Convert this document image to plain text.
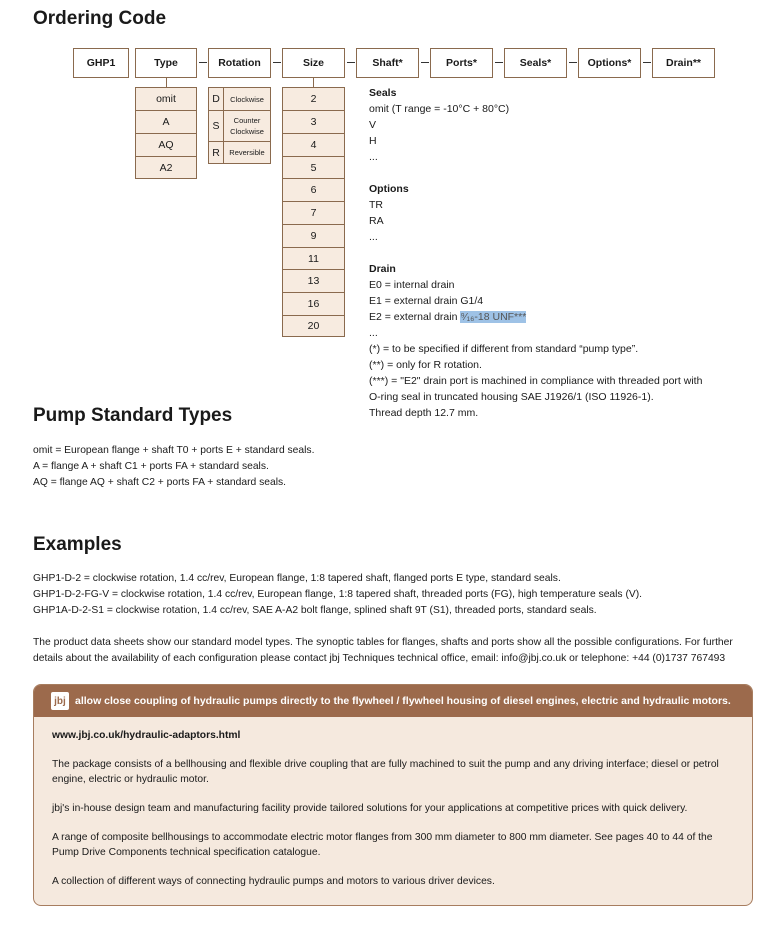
Ordering Code
GHP1	Type	Rotation	Size	Shaft*	Ports*	Seals*	Options*	Drain**
omit
A
AQ
A2
D	Clockwise
S	Counter Clockwise
R	Reversible
2
3
4
5
6
7
9
11
13
16
20
Seals
omit (T range = -10°C + 80°C)
V
H
...
Options
TR
RA
...
Drain
E0 = internal drain
E1 = external drain G1/4
E2 = external drain ⁹⁄₁₆-18 UNF***
...
(*) = to be specified if different from standard “pump type”.
(**) = only for R rotation.
(***) = "E2" drain port is machined in compliance with threaded port with
O-ring seal in truncated housing SAE J1926/1 (ISO 11926-1).
Thread depth 12.7 mm.
Pump Standard Types
omit = European flange + shaft T0 + ports E + standard seals.
A = flange A + shaft C1 + ports FA + standard seals.
AQ = flange AQ + shaft C2 + ports FA + standard seals.
Examples
GHP1-D-2 = clockwise rotation, 1.4 cc/rev, European flange, 1:8 tapered shaft, flanged ports E type, standard seals.
GHP1-D-2-FG-V = clockwise rotation, 1.4 cc/rev, European flange, 1:8 tapered shaft, threaded ports (FG), high temperature seals (V).
GHP1A-D-2-S1 = clockwise rotation, 1.4 cc/rev, SAE A-A2 bolt flange, splined shaft 9T (S1), threaded ports, standard seals.
The product data sheets show our standard model types. The synoptic tables for flanges, shafts and ports show all the possible configurations. For further
details about the availability of each configuration please contact jbj Techniques technical office, email: info@jbj.co.uk or telephone: +44 (0)1737 767493
jbj allow close coupling of hydraulic pumps directly to the flywheel / flywheel housing of diesel engines, electric and hydraulic motors.
www.jbj.co.uk/hydraulic-adaptors.html
The package consists of a bellhousing and flexible drive coupling that are fully machined to suit the pump and any driving interface; diesel or petrol
engine, electric or hydraulic motor.
jbj's in-house design team and manufacturing facility provide tailored solutions for your applications at competitive prices with quick delivery.
A range of composite bellhousings to accommodate electric motor flanges from 300 mm diameter to 800 mm diameter. See pages 40 to 44 of the
Pump Drive Components technical specification catalogue.
A collection of different ways of connecting hydraulic pumps and motors to various driver devices.
